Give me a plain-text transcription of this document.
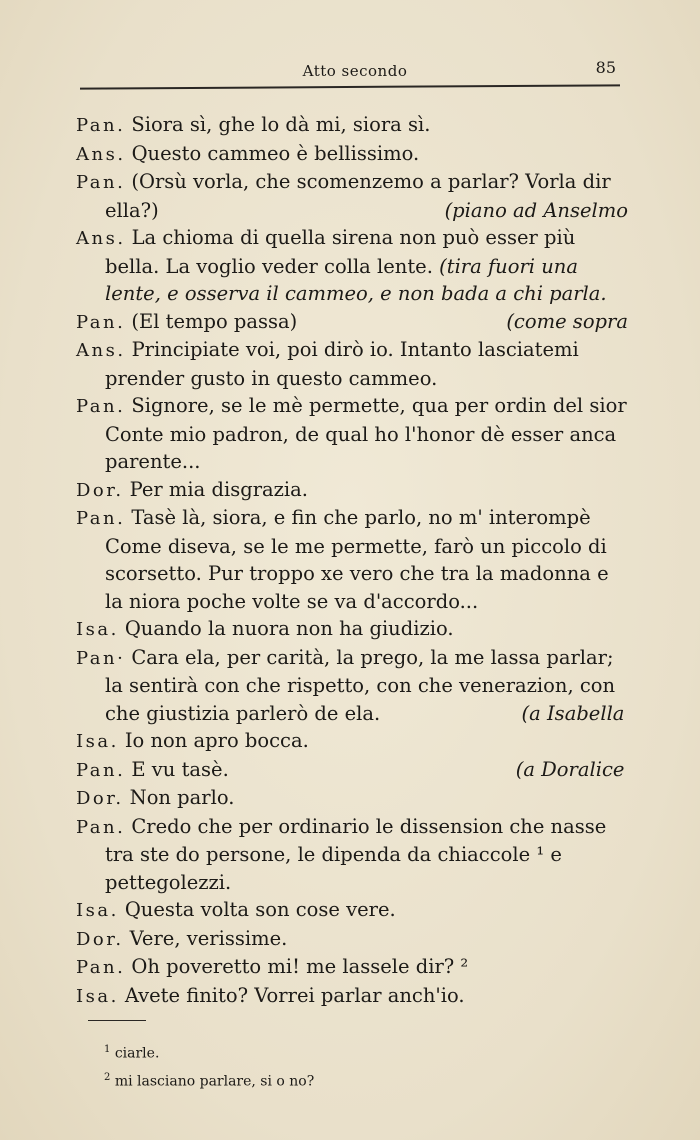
Atto secondo	85

Pan. Siora sì, ghe lo dà mi, siora sì.

Ans. Questo cammeo è bellissimo.

Pan. (Orsù vorla, che scomenzemo a parlar? Vorla dir ella?)	(piano ad Anselmo

Ans. La chioma di quella sirena non può esser più bella. La voglio veder colla lente. (tira fuori una lente, e osserva il cammeo, e non bada a chi parla.

Pan. (El tempo passa)	(come sopra

Ans. Principiate voi, poi dirò io. Intanto lasciatemi prender gusto in questo cammeo.

Pan. Signore, se le mè permette, qua per ordin del sior Conte mio padron, de qual ho l'honor dè esser anca parente...

Dor. Per mia disgrazia.

Pan. Tasè là, siora, e fin che parlo, no m' interompè Come diseva, se le me permette, farò un piccolo di scorsetto. Pur troppo xe vero che tra la madonna e la niora poche volte se va d'accordo...

Isa. Quando la nuora non ha giudizio.

Pan· Cara ela, per carità, la prego, la me lassa parlar; la sentirà con che rispetto, con che venerazion, con che giustizia parlerò de ela.	(a Isabella

Isa. Io non apro bocca.

Pan. E vu tasè.	(a Doralice

Dor. Non parlo.

Pan. Credo che per ordinario le dissension che nasse tra ste do persone, le dipenda da chiaccole ¹ e pettegolezzi.

Isa. Questa volta son cose vere.

Dor. Vere, verissime.

Pan. Oh poveretto mi! me lassele dir? ²

Isa. Avete finito? Vorrei parlar anch'io.

$^1$ ciarle.

$^2$ mi lasciano parlare, si o no?
